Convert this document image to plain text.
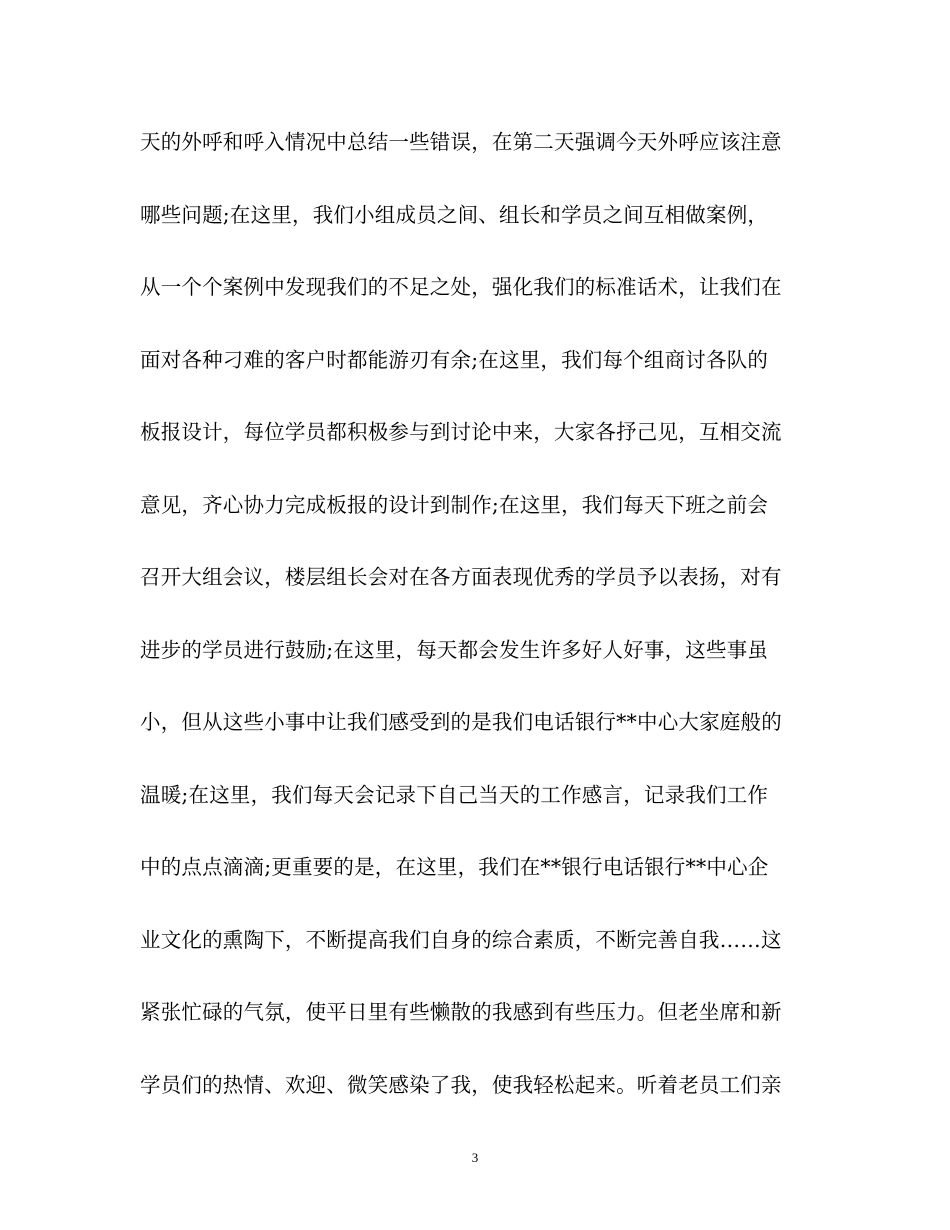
天的外呼和呼入情况中总结一些错误，在第二天强调今天外呼应该注意
哪些问题;在这里，我们小组成员之间、组长和学员之间互相做案例，
从一个个案例中发现我们的不足之处，强化我们的标准话术，让我们在
面对各种刁难的客户时都能游刃有余;在这里，我们每个组商讨各队的
板报设计，每位学员都积极参与到讨论中来，大家各抒己见，互相交流
意见，齐心协力完成板报的设计到制作;在这里，我们每天下班之前会
召开大组会议，楼层组长会对在各方面表现优秀的学员予以表扬，对有
进步的学员进行鼓励;在这里，每天都会发生许多好人好事，这些事虽
小，但从这些小事中让我们感受到的是我们电话银行**中心大家庭般的
温暖;在这里，我们每天会记录下自己当天的工作感言，记录我们工作
中的点点滴滴;更重要的是，在这里，我们在**银行电话银行**中心企
业文化的熏陶下，不断提高我们自身的综合素质，不断完善自我……这
紧张忙碌的气氛，使平日里有些懒散的我感到有些压力。但老坐席和新
学员们的热情、欢迎、微笑感染了我，使我轻松起来。听着老员工们亲
3
